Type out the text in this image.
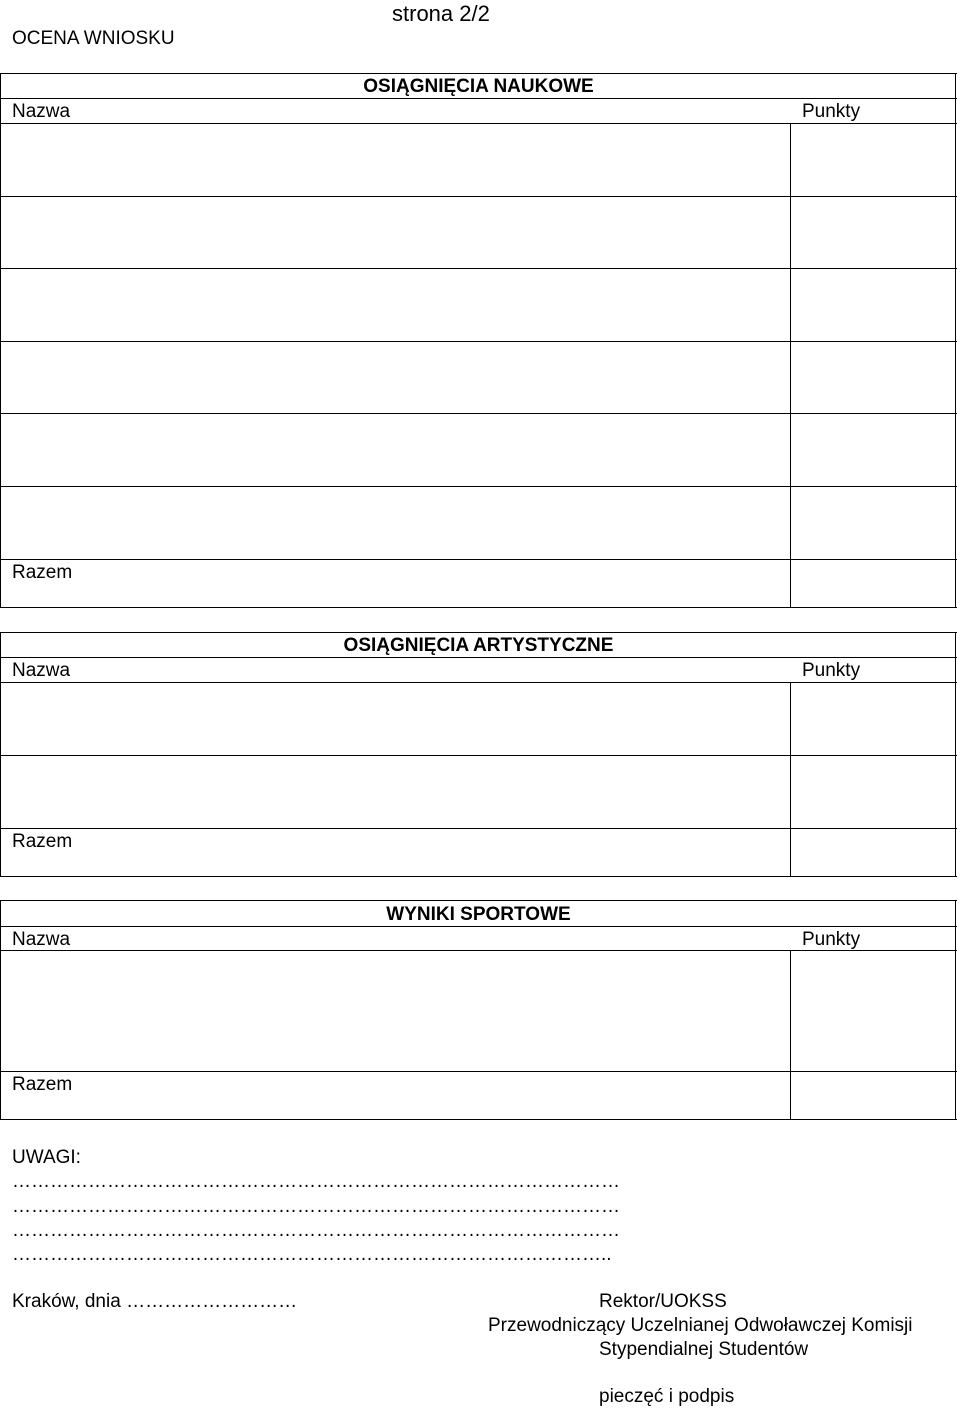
OCENA WNIOSKU
strona 2/2
OSIĄGNIĘCIA NAUKOWE
Nazwa	Punkty
Razem
OSIĄGNIĘCIA ARTYSTYCZNE
Nazwa	Punkty
Razem
WYNIKI SPORTOWE
Nazwa	Punkty
Razem
UWAGI:
……………………………………………………………………………………
……………………………………………………………………………………
……………………………………………………………………………………
…………………………………………………………………………………..
Kraków, dnia ………………………	Rektor/UOKSS
Przewodniczący Uczelnianej Odwoławczej Komisji
Stypendialnej Studentów
pieczęć i podpis
